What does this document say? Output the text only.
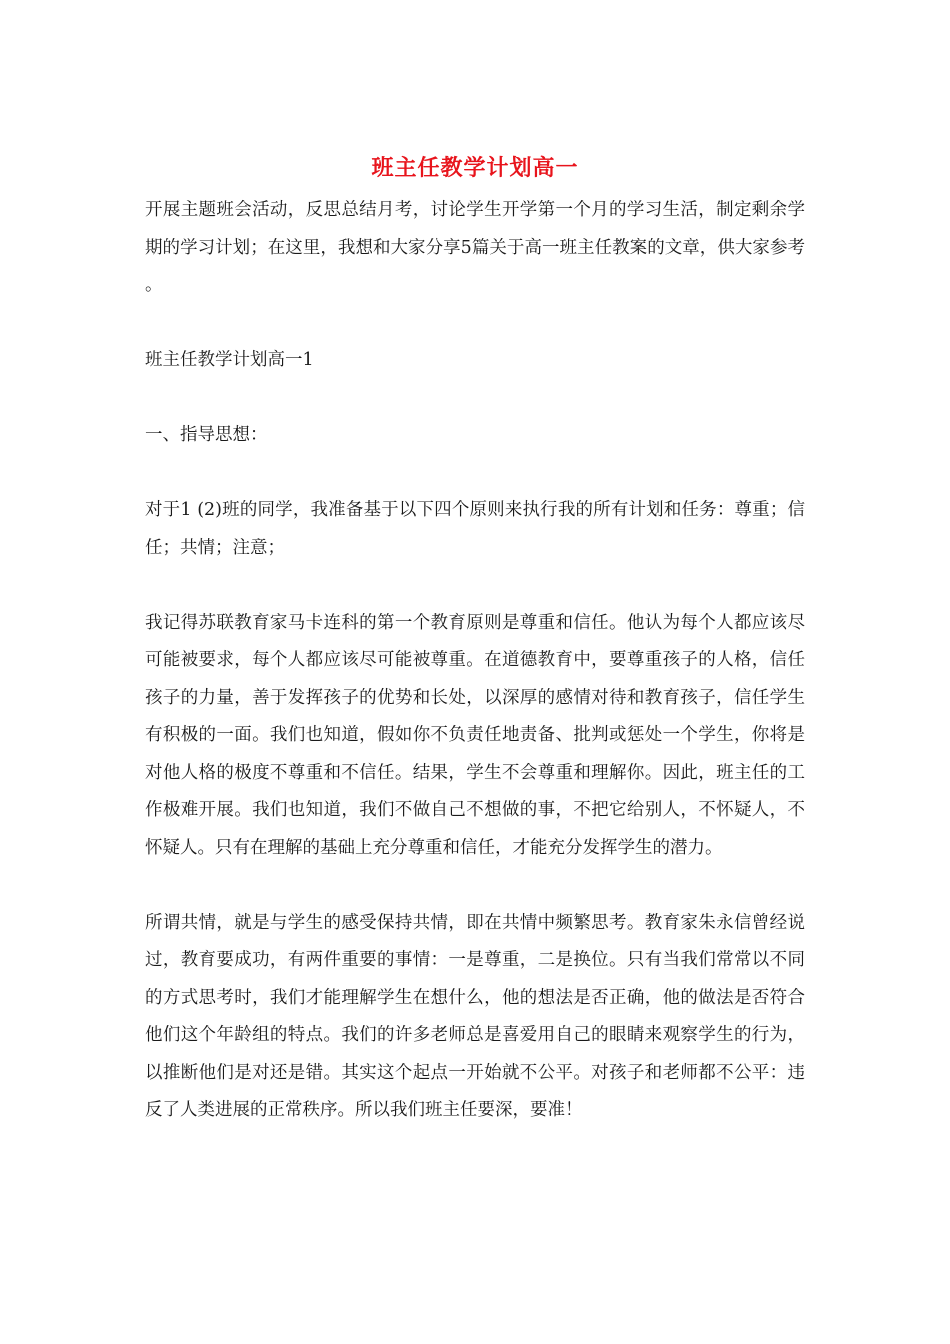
班主任教学计划高一

开展主题班会活动，反思总结月考，讨论学生开学第一个月的学习生活，制定剩余学期的学习计划；在这里，我想和大家分享5篇关于高一班主任教案的文章，供大家参考。

班主任教学计划高一1

一、指导思想：

对于1 (2)班的同学，我准备基于以下四个原则来执行我的所有计划和任务：尊重；信任；共情；注意；

我记得苏联教育家马卡连科的第一个教育原则是尊重和信任。他认为每个人都应该尽可能被要求，每个人都应该尽可能被尊重。在道德教育中，要尊重孩子的人格，信任孩子的力量，善于发挥孩子的优势和长处，以深厚的感情对待和教育孩子，信任学生有积极的一面。我们也知道，假如你不负责任地责备、批判或惩处一个学生，你将是对他人格的极度不尊重和不信任。结果，学生不会尊重和理解你。因此，班主任的工作极难开展。我们也知道，我们不做自己不想做的事，不把它给别人，不怀疑人，不怀疑人。只有在理解的基础上充分尊重和信任，才能充分发挥学生的潜力。

所谓共情，就是与学生的感受保持共情，即在共情中频繁思考。教育家朱永信曾经说过，教育要成功，有两件重要的事情：一是尊重，二是换位。只有当我们常常以不同的方式思考时，我们才能理解学生在想什么，他的想法是否正确，他的做法是否符合他们这个年龄组的特点。我们的许多老师总是喜爱用自己的眼睛来观察学生的行为，以推断他们是对还是错。其实这个起点一开始就不公平。对孩子和老师都不公平：违反了人类进展的正常秩序。所以我们班主任要深，要准！
